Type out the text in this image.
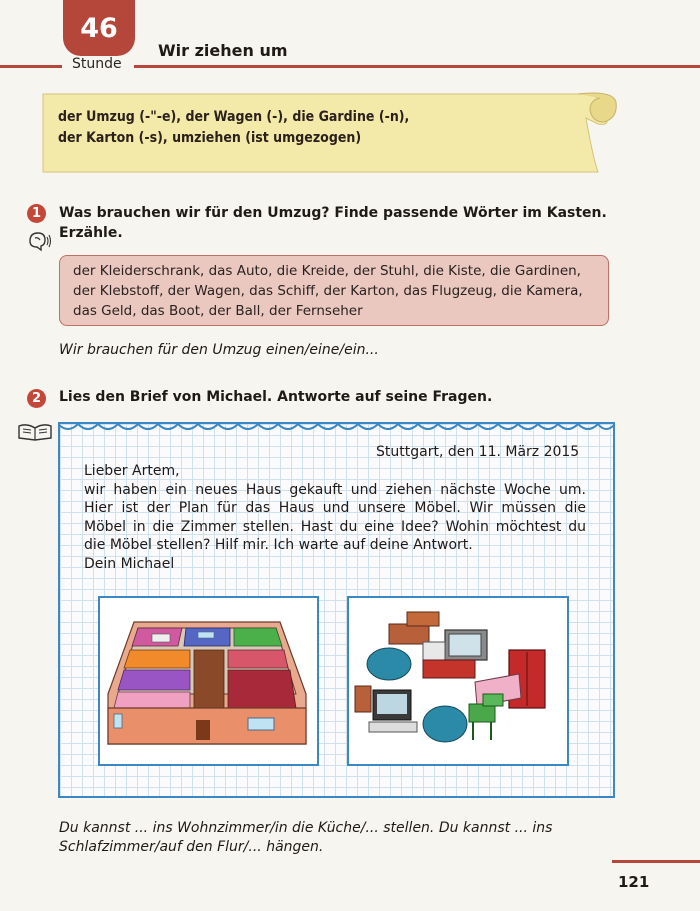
46
Stunde
Wir ziehen um
der Umzug (-"-e), der Wagen (-), die Gardine (-n),
der Karton (-s), umziehen (ist umgezogen)
1	Was brauchen wir für den Umzug? Finde passende Wörter im Kasten. Erzähle.
der Kleiderschrank, das Auto, die Kreide, der Stuhl, die Kiste, die Gardinen,
der Klebstoff, der Wagen, das Schiff, der Karton, das Flugzeug, die Kamera,
das Geld, das Boot, der Ball, der Fernseher
Wir brauchen für den Umzug einen/eine/ein...
2	Lies den Brief von Michael. Antworte auf seine Fragen.
Stuttgart, den 11. März 2015
Lieber Artem,
wir haben ein neues Haus gekauft und ziehen nächste Woche um.
Hier ist der Plan für das Haus und unsere Möbel. Wir müssen die
Möbel in die Zimmer stellen. Hast du eine Idee? Wohin möchtest du
die Möbel stellen? Hilf mir. Ich warte auf deine Antwort.
Dein Michael
Du kannst ... ins Wohnzimmer/in die Küche/... stellen. Du kannst ... ins Schlafzimmer/auf den Flur/... hängen.
121
